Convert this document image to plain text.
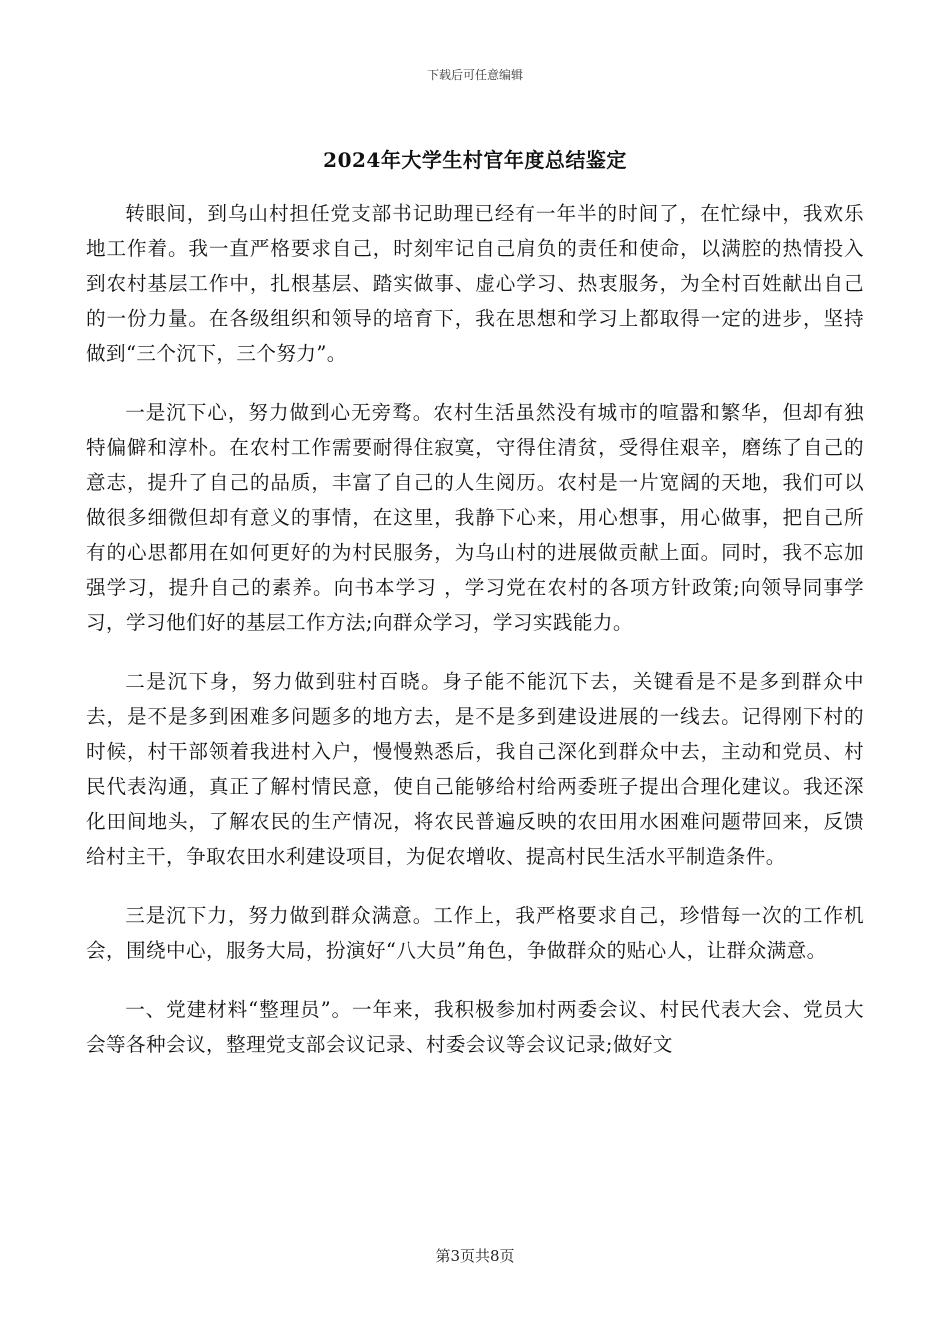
下载后可任意编辑
2024年大学生村官年度总结鉴定

转眼间，到乌山村担任党支部书记助理已经有一年半的时间了，在忙绿中，我欢乐地工作着。我一直严格要求自己，时刻牢记自己肩负的责任和使命，以满腔的热情投入到农村基层工作中，扎根基层、踏实做事、虚心学习、热衷服务，为全村百姓献出自己的一份力量。在各级组织和领导的培育下，我在思想和学习上都取得一定的进步，坚持做到“三个沉下，三个努力”。

一是沉下心，努力做到心无旁骛。农村生活虽然没有城市的喧嚣和繁华，但却有独特偏僻和淳朴。在农村工作需要耐得住寂寞，守得住清贫，受得住艰辛，磨练了自己的意志，提升了自己的品质，丰富了自己的人生阅历。农村是一片宽阔的天地，我们可以做很多细微但却有意义的事情，在这里，我静下心来，用心想事，用心做事，把自己所有的心思都用在如何更好的为村民服务，为乌山村的进展做贡献上面。同时，我不忘加强学习，提升自己的素养。向书本学习 ，学习党在农村的各项方针政策;向领导同事学习，学习他们好的基层工作方法;向群众学习，学习实践能力。

二是沉下身，努力做到驻村百晓。身子能不能沉下去，关键看是不是多到群众中去，是不是多到困难多问题多的地方去，是不是多到建设进展的一线去。记得刚下村的时候，村干部领着我进村入户，慢慢熟悉后，我自己深化到群众中去，主动和党员、村民代表沟通，真正了解村情民意，使自己能够给村给两委班子提出合理化建议。我还深化田间地头，了解农民的生产情况，将农民普遍反映的农田用水困难问题带回来，反馈给村主干，争取农田水利建设项目，为促农增收、提高村民生活水平制造条件。

三是沉下力，努力做到群众满意。工作上，我严格要求自己，珍惜每一次的工作机会，围绕中心，服务大局，扮演好“八大员”角色，争做群众的贴心人，让群众满意。

一、党建材料“整理员”。一年来，我积极参加村两委会议、村民代表大会、党员大会等各种会议，整理党支部会议记录、村委会议等会议记录;做好文

第3页共8页
